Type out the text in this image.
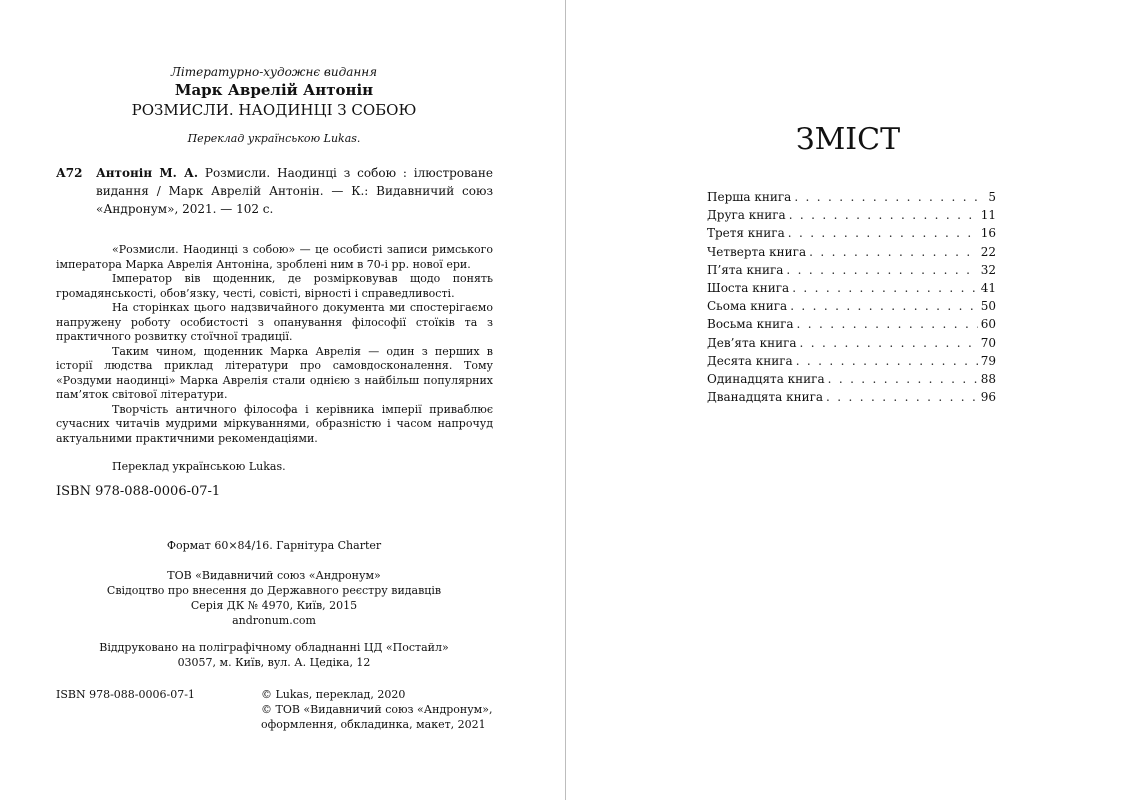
Літературно-художнє видання
Марк Аврелій Антонін
РОЗМИСЛИ. НАОДИНЦІ З СОБОЮ
Переклад українською Lukas.
А72 Антонін М. А. Розмисли. Наодинці з собою : ілюстроване видання / Марк Аврелій Антонін. — К.: Видавничий союз «Андронум», 2021. — 102 с.

«Розмисли. Наодинці з собою» — це особисті записи римського імператора Марка Аврелія Антоніна, зроблені ним в 70-і рр. нової ери.

Імператор вів щоденник, де розмірковував щодо понять громадянськості, обов’язку, честі, совісті, вірності і справедливості.

На сторінках цього надзвичайного документа ми спостерігаємо напружену роботу особистості з опанування філософії стоїків та з практичного розвитку стоїчної традиції.

Таким чином, щоденник Марка Аврелія — один з перших в історії людства приклад літератури про самовдосконалення. Тому «Роздуми наодинці» Марка Аврелія стали однією з найбільш популярних пам’яток світової літератури.

Творчість античного філософа і керівника імперії приваблює сучасних читачів мудрими міркуваннями, образністю і часом напрочуд актуальними практичними рекомендаціями.

Переклад українською Lukas.

ISBN 978-088-0006-07-1
Формат 60×84/16. Гарнітура Charter
ТОВ «Видавничий союз «Андронум»
Свідоцтво про внесення до Державного реєстру видавців
Серія ДК № 4970, Київ, 2015
andronum.com
Віддруковано на поліграфічному обладнанні ЦД «Постайл»
03057, м. Київ, вул. А. Цедіка, 12
ISBN 978-088-0006-07-1	© Lukas, переклад, 2020
© ТОВ «Видавничий союз «Андронум»,
оформлення, обкладинка, макет, 2021
ЗМІСТ
Перша книга . . .	5
Друга книга . . .	11
Третя книга . . .	16
Четверта книга . . .	22
П’ята книга . . .	32
Шоста книга . . .	41
Сьома книга . . .	50
Восьма книга . . .	60
Дев’ята книга . . .	70
Десята книга . . .	79
Одинадцята книга . . .	88
Дванадцята книга . . .	96
